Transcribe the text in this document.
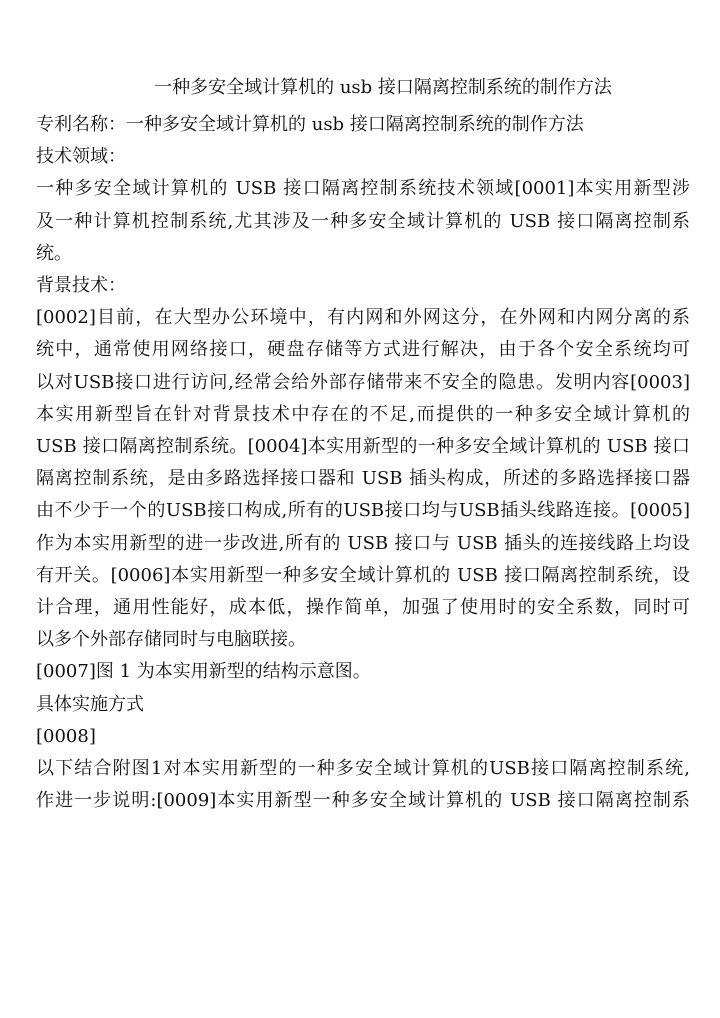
一种多安全域计算机的 usb 接口隔离控制系统的制作方法
专利名称：一种多安全域计算机的 usb 接口隔离控制系统的制作方法
技术领域：
一种多安全域计算机的 USB 接口隔离控制系统技术领域[0001]本实用新型涉
及一种计算机控制系统,尤其涉及一种多安全域计算机的 USB 接口隔离控制系
统。
背景技术：
[0002]目前，在大型办公环境中，有内网和外网这分，在外网和内网分离的系
统中，通常使用网络接口，硬盘存储等方式进行解决，由于各个安全系统均可
以对USB接口进行访问,经常会给外部存储带来不安全的隐患。发明内容[0003]
本实用新型旨在针对背景技术中存在的不足,而提供的一种多安全域计算机的
USB 接口隔离控制系统。[0004]本实用新型的一种多安全域计算机的 USB 接口
隔离控制系统，是由多路选择接口器和 USB 插头构成，所述的多路选择接口器
由不少于一个的USB接口构成,所有的USB接口均与USB插头线路连接。[0005]
作为本实用新型的进一步改进,所有的 USB 接口与 USB 插头的连接线路上均设
有开关。[0006]本实用新型一种多安全域计算机的 USB 接口隔离控制系统，设
计合理，通用性能好，成本低，操作简单，加强了使用时的安全系数，同时可
以多个外部存储同时与电脑联接。
[0007]图 1 为本实用新型的结构示意图。
具体实施方式
[0008]
以下结合附图1对本实用新型的一种多安全域计算机的USB接口隔离控制系统,
作进一步说明:[0009]本实用新型一种多安全域计算机的 USB 接口隔离控制系
